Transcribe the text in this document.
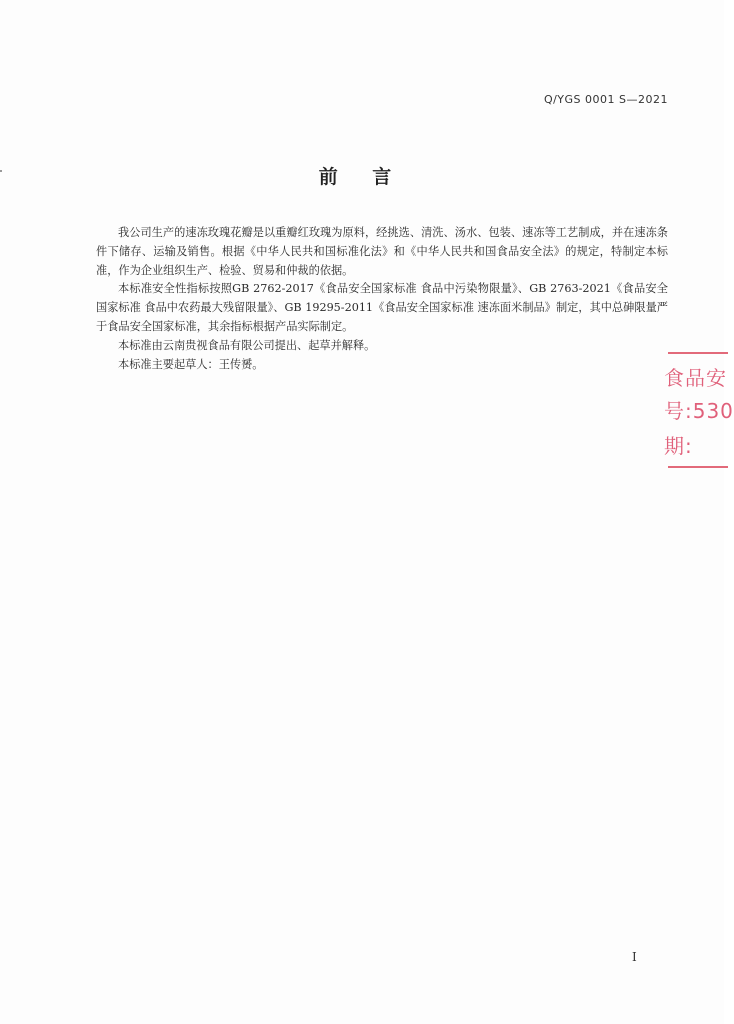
Q/YGS 0001 S—2021
前 言

我公司生产的速冻玫瑰花瓣是以重瓣红玫瑰为原料，经挑选、清洗、汤水、包装、速冻等工艺制成，并在速冻条件下储存、运输及销售。根据《中华人民共和国标准化法》和《中华人民共和国食品安全法》的规定，特制定本标准，作为企业组织生产、检验、贸易和仲裁的依据。

本标准安全性指标按照GB 2762-2017《食品安全国家标准 食品中污染物限量》、GB 2763-2021《食品安全国家标准 食品中农药最大残留限量》、GB 19295-2011《食品安全国家标准 速冻面米制品》制定，其中总砷限量严于食品安全国家标准，其余指标根据产品实际制定。

本标准由云南贵视食品有限公司提出、起草并解释。

本标准主要起草人：王传赟。

食品安
号:530
期:
I
